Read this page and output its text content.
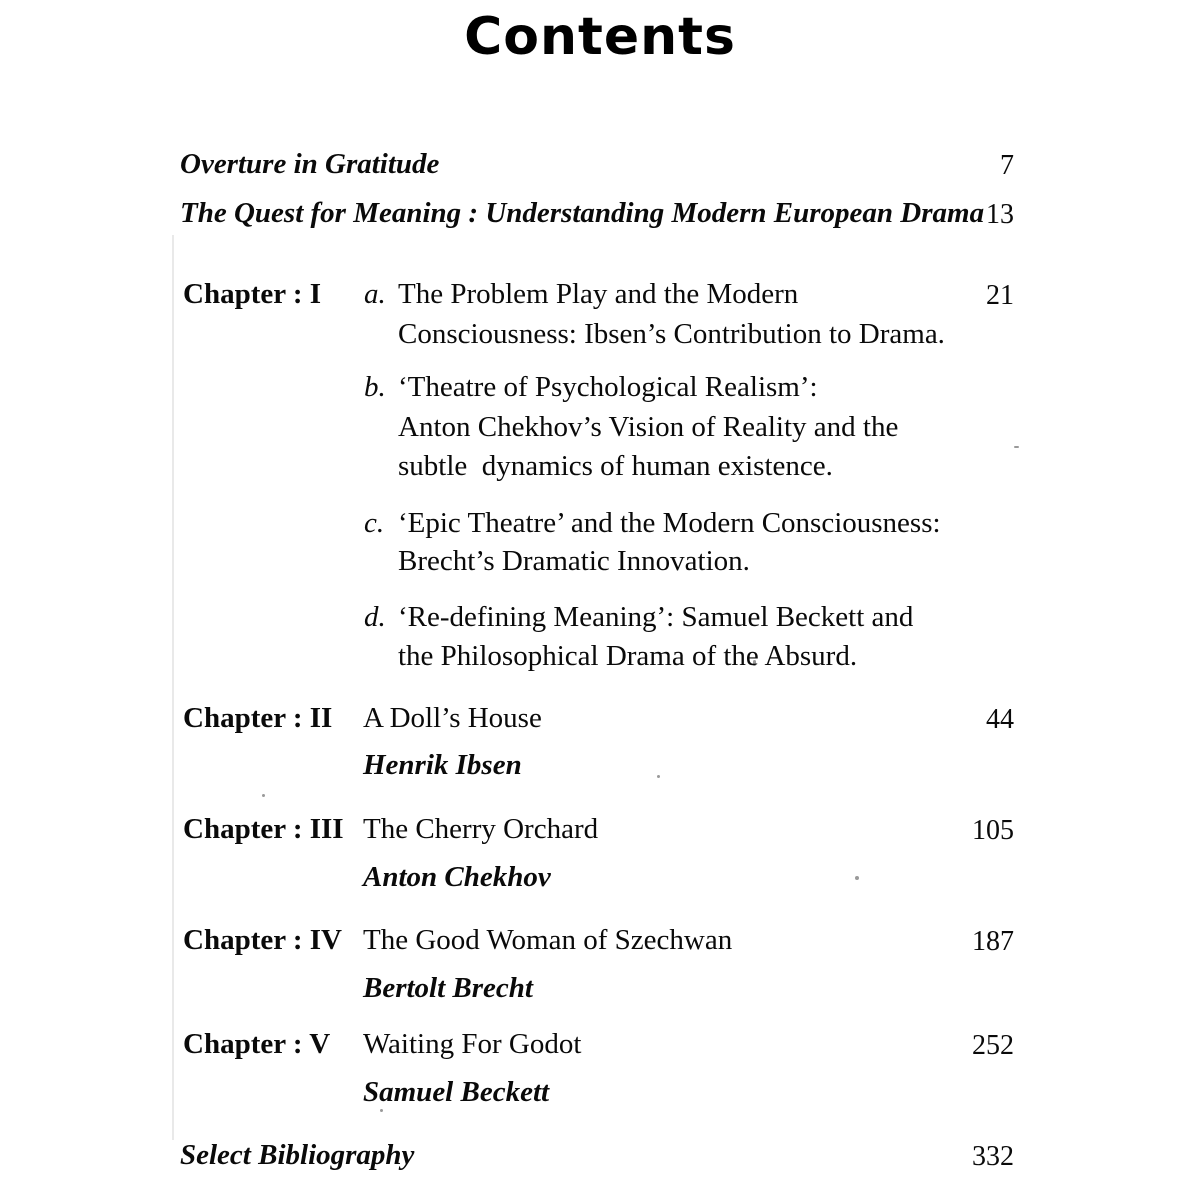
Contents
Overture in Gratitude	7
The Quest for Meaning : Understanding Modern European Drama 13
Chapter : I a. The Problem Play and the Modern	21
Consciousness: Ibsen’s Contribution to Drama.
b. ‘Theatre of Psychological Realism’:
Anton Chekhov’s Vision of Reality and the
subtle  dynamics of human existence.
c. ‘Epic Theatre’ and the Modern Consciousness:
Brecht’s Dramatic Innovation.
d. ‘Re-defining Meaning’: Samuel Beckett and
the Philosophical Drama of the Absurd.
Chapter : II A Doll’s House	44
Henrik Ibsen
Chapter : III The Cherry Orchard	105
Anton Chekhov
Chapter : IV The Good Woman of Szechwan	187
Bertolt Brecht
Chapter : V Waiting For Godot	252
Samuel Beckett
Select Bibliography	332
